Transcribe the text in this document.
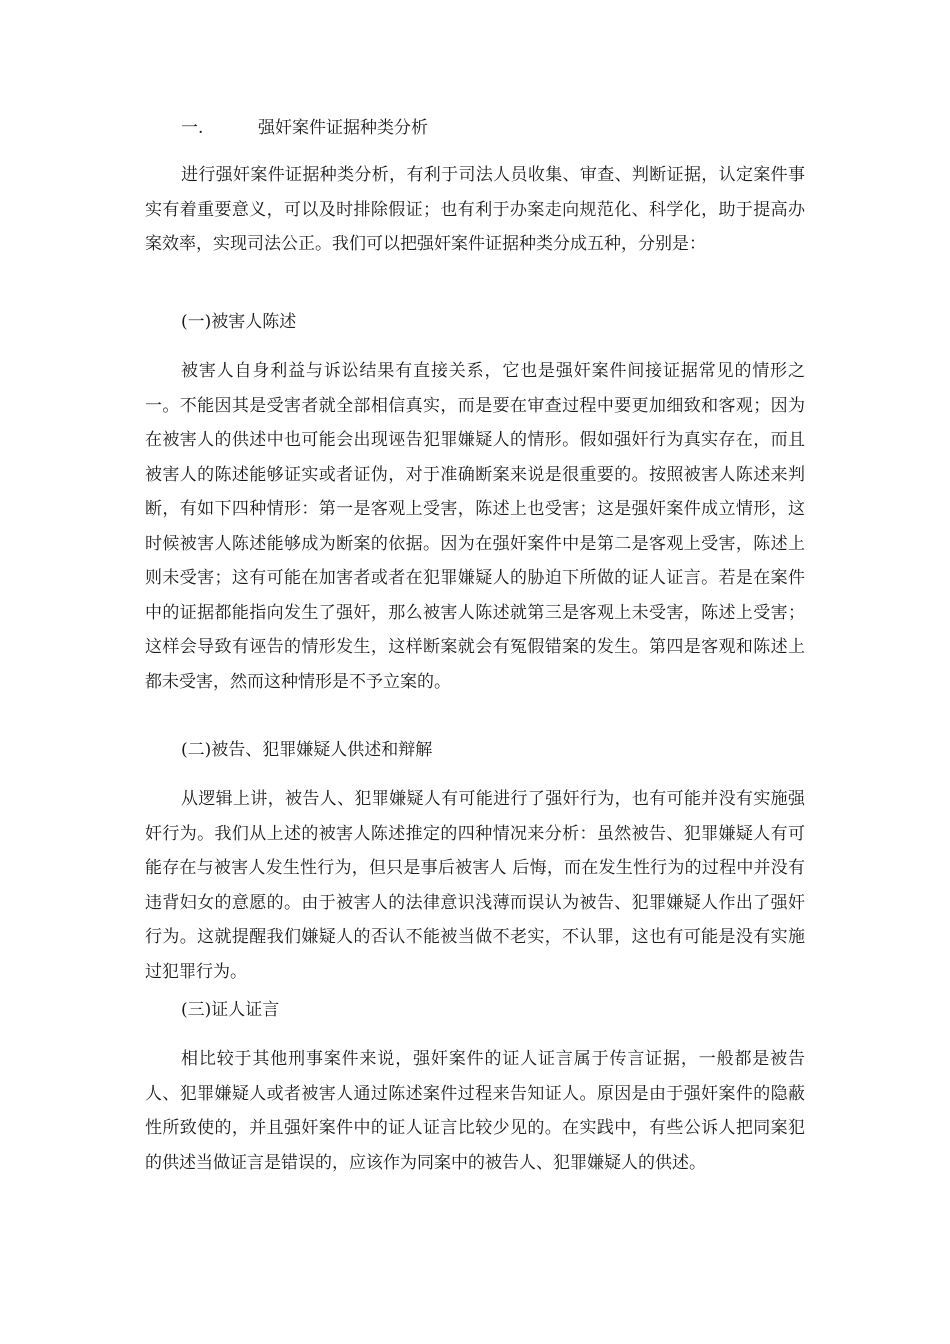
一.	强奸案件证据种类分析

进行强奸案件证据种类分析，有利于司法人员收集、审查、判断证据，认定案件事实有着重要意义，可以及时排除假证；也有利于办案走向规范化、科学化，助于提高办案效率，实现司法公正。我们可以把强奸案件证据种类分成五种，分别是：

(一)被害人陈述

被害人自身利益与诉讼结果有直接关系，它也是强奸案件间接证据常见的情形之一。不能因其是受害者就全部相信真实，而是要在审查过程中要更加细致和客观；因为在被害人的供述中也可能会出现诬告犯罪嫌疑人的情形。假如强奸行为真实存在，而且被害人的陈述能够证实或者证伪，对于准确断案来说是很重要的。按照被害人陈述来判断，有如下四种情形：第一是客观上受害，陈述上也受害；这是强奸案件成立情形，这时候被害人陈述能够成为断案的依据。因为在强奸案件中是第二是客观上受害，陈述上则未受害；这有可能在加害者或者在犯罪嫌疑人的胁迫下所做的证人证言。若是在案件中的证据都能指向发生了强奸，那么被害人陈述就第三是客观上未受害，陈述上受害；这样会导致有诬告的情形发生，这样断案就会有冤假错案的发生。第四是客观和陈述上都未受害，然而这种情形是不予立案的。

(二)被告、犯罪嫌疑人供述和辩解

从逻辑上讲，被告人、犯罪嫌疑人有可能进行了强奸行为，也有可能并没有实施强奸行为。我们从上述的被害人陈述推定的四种情况来分析：虽然被告、犯罪嫌疑人有可能存在与被害人发生性行为，但只是事后被害人 后悔，而在发生性行为的过程中并没有违背妇女的意愿的。由于被害人的法律意识浅薄而误认为被告、犯罪嫌疑人作出了强奸行为。这就提醒我们嫌疑人的否认不能被当做不老实，不认罪，这也有可能是没有实施过犯罪行为。

(三)证人证言

相比较于其他刑事案件来说，强奸案件的证人证言属于传言证据，一般都是被告人、犯罪嫌疑人或者被害人通过陈述案件过程来告知证人。原因是由于强奸案件的隐蔽性所致使的，并且强奸案件中的证人证言比较少见的。在实践中，有些公诉人把同案犯的供述当做证言是错误的，应该作为同案中的被告人、犯罪嫌疑人的供述。
